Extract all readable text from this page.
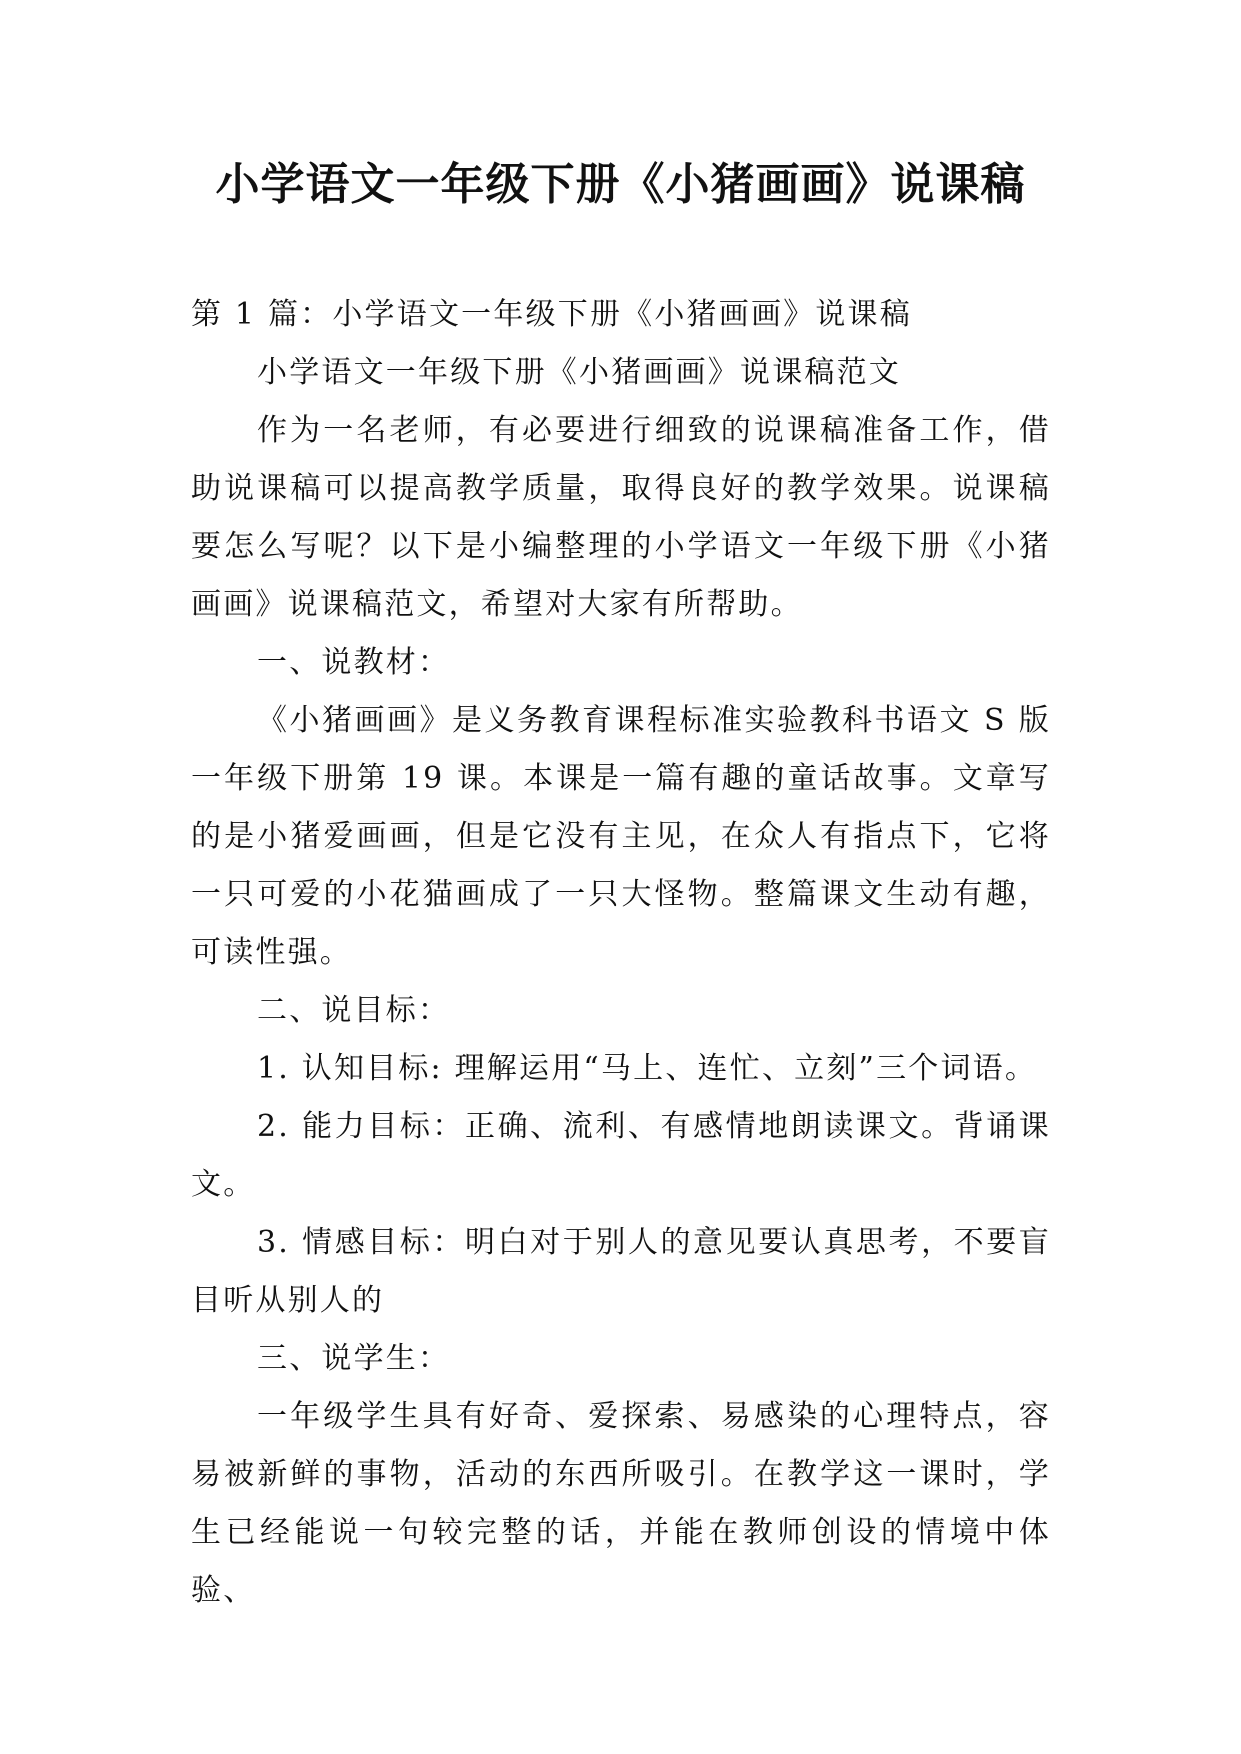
小学语文一年级下册《小猪画画》说课稿

第 1 篇：小学语文一年级下册《小猪画画》说课稿

小学语文一年级下册《小猪画画》说课稿范文

作为一名老师，有必要进行细致的说课稿准备工作，借助说课稿可以提高教学质量，取得良好的教学效果。说课稿要怎么写呢？以下是小编整理的小学语文一年级下册《小猪画画》说课稿范文，希望对大家有所帮助。

一、说教材：

《小猪画画》是义务教育课程标准实验教科书语文 S 版一年级下册第 19 课。本课是一篇有趣的童话故事。文章写的是小猪爱画画，但是它没有主见，在众人有指点下，它将一只可爱的小花猫画成了一只大怪物。整篇课文生动有趣，可读性强。

二、说目标：

1. 认知目标: 理解运用“马上、连忙、立刻”三个词语。

2. 能力目标：正确、流利、有感情地朗读课文。背诵课文。

3. 情感目标：明白对于别人的意见要认真思考，不要盲目听从别人的

三、说学生：

一年级学生具有好奇、爱探索、易感染的心理特点，容易被新鲜的事物，活动的东西所吸引。在教学这一课时，学生已经能说一句较完整的话，并能在教师创设的情境中体验、
